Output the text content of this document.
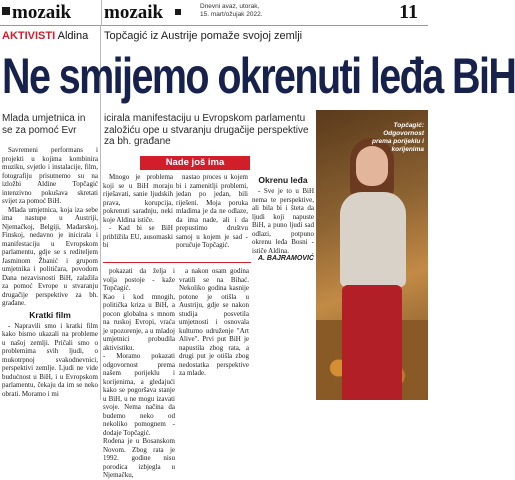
mozaik mozaik	Dnevni avaz, utorak,
15. mart/ožujak 2022.	11
AKTIVISTI Aldina Topčagić iz Austrije pomaže svojoj zemlji
Ne smijemo okrenuti leđa BiH
Mlada umjetnica in se za pomoć Evr
icirala manifestaciju u Evropskom parlamentu založiću ope u stvaranju drugačije perspektive za bh. građane
Topčagić: Odgovornost prema porijeklu i korijenima

Savremeni performans i projekti u kojima kombinira muziku, svjetlo i instalacije, film, fotografiju prisutnemo su na izložbi Aldine Topčagić intenzivno pokušava skretati svijet za pomoć BiH.

Mlada umjetnica, koja iza sebe ima nastupe u Austriji, Njemačkoj, Belgiji, Mađarskoj, Finskoj, nedavno je inicirala i manifestaciju u Evropskom parlamentu, gdje se s rediteljem Jasminom Žbanić i grupom umjetnika i političara, povodom Dana nezavisnosti BiH, zalažila za pomoć Evrope u stvaranju drugačije perspektive za bh. građane.

Kratki film

- Napravili smo i kratki film kako bismo ukazali na probleme u našoj zemlji. Pričali smo o problemima svih ljudi, o mukotrpnoj svakodnevnici, perspektivi zemlje. Ljudi ne vide budućnost u BiH, i u Evropskom parlamentu, čekaju da im se neko obrati. Moramo i mi

Nade još ima

Mnogo je problema koji se u BiH moraju riješavati, ​​sanie ljudskih prava, korupcija, pokrenuti saradnju, neki koje Aldina ističe.

- Kad bi se BiH približila EU, ausomaski bi

nastao proces u kojem bi i zamenitlji problemi, jedan po jedan, bili riješeni. Moja poruka mladima je da ne odlaze, da ima nade, ali i da prepustimo društvu samoj u kojem je sad - poručuje Topčagić.

pokazati da želja i volja postoje - kaže Topčagić.
Kao i kod mnogih, politička kriza u BiH, a pocon globalna s mnom na ruskoj Evropi, vraća je upozorenje, a u mladoj umjetnici probudila aktivistiku.
- Moramo pokazati odgovornost prema našem porijeklu i korijenima, a gledajući kako se pogoršava stanje u BiH, u ne mogu izavati svoje. Nema načina da budemo neko od nekoliko pomognem - dodaje Topčagić.
Rođena je u Bosanskom Novom. Zbog rata je 1992. godine nisu porodica izbjegla u Njemačku,

a nakon osam godina vratili se na Bihać. Nekoliko godina kasnije potone je otišla u Austriju, gdje se nakon studija posvetila umjetnosti i osnovala kulturno udruženje "Art Alive". Prvi put BiH je napustila zbog rata, a drugi put je otišla zbog nedostatka perspektive za mlade.

Okrenu leđa

- Sve je to u BiH nema te perspektive, ali bila bi i šteta da ljudi koji napuste BiH, a puno ljudi sad odlazi, potpuno okrenu leđa Bosni - ističe Aldina.

A. BAJRAMOVIĆ
